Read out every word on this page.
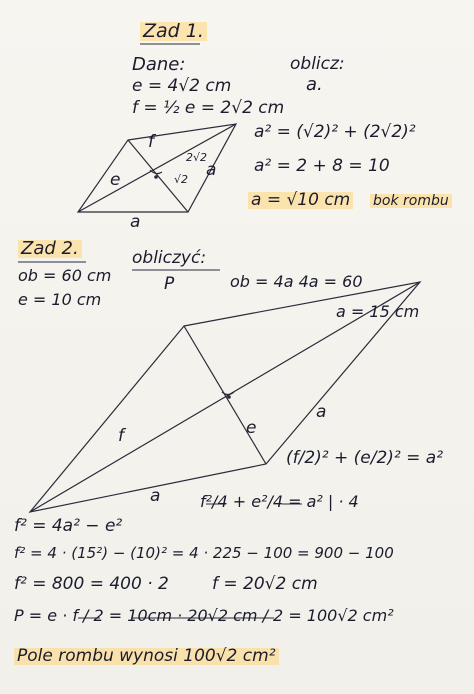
Zad 1.
Dane:
e = 4√2 cm
f = ½ e = 2√2 cm
oblicz:
a.
f
e	a
a
2√2
√2
a² = (√2)² + (2√2)²
a² = 2 + 8 = 10
a = √10 cm bok rombu
Zad 2.
ob = 60 cm
e = 10 cm
obliczyć:
P	ob = 4a 4a = 60
a = 15 cm
f	e
a
a
(f/2)² + (e/2)² = a²
f²/4 + e²/4 = a² | · 4
f² = 4a² − e²
f² = 4 · (15²) − (10)² = 4 · 225 − 100 = 900 − 100
f² = 800 = 400 · 2	f = 20√2 cm
P = e · f / 2 = 10cm · 20√2 cm / 2 = 100√2 cm²
Pole rombu wynosi 100√2 cm²
